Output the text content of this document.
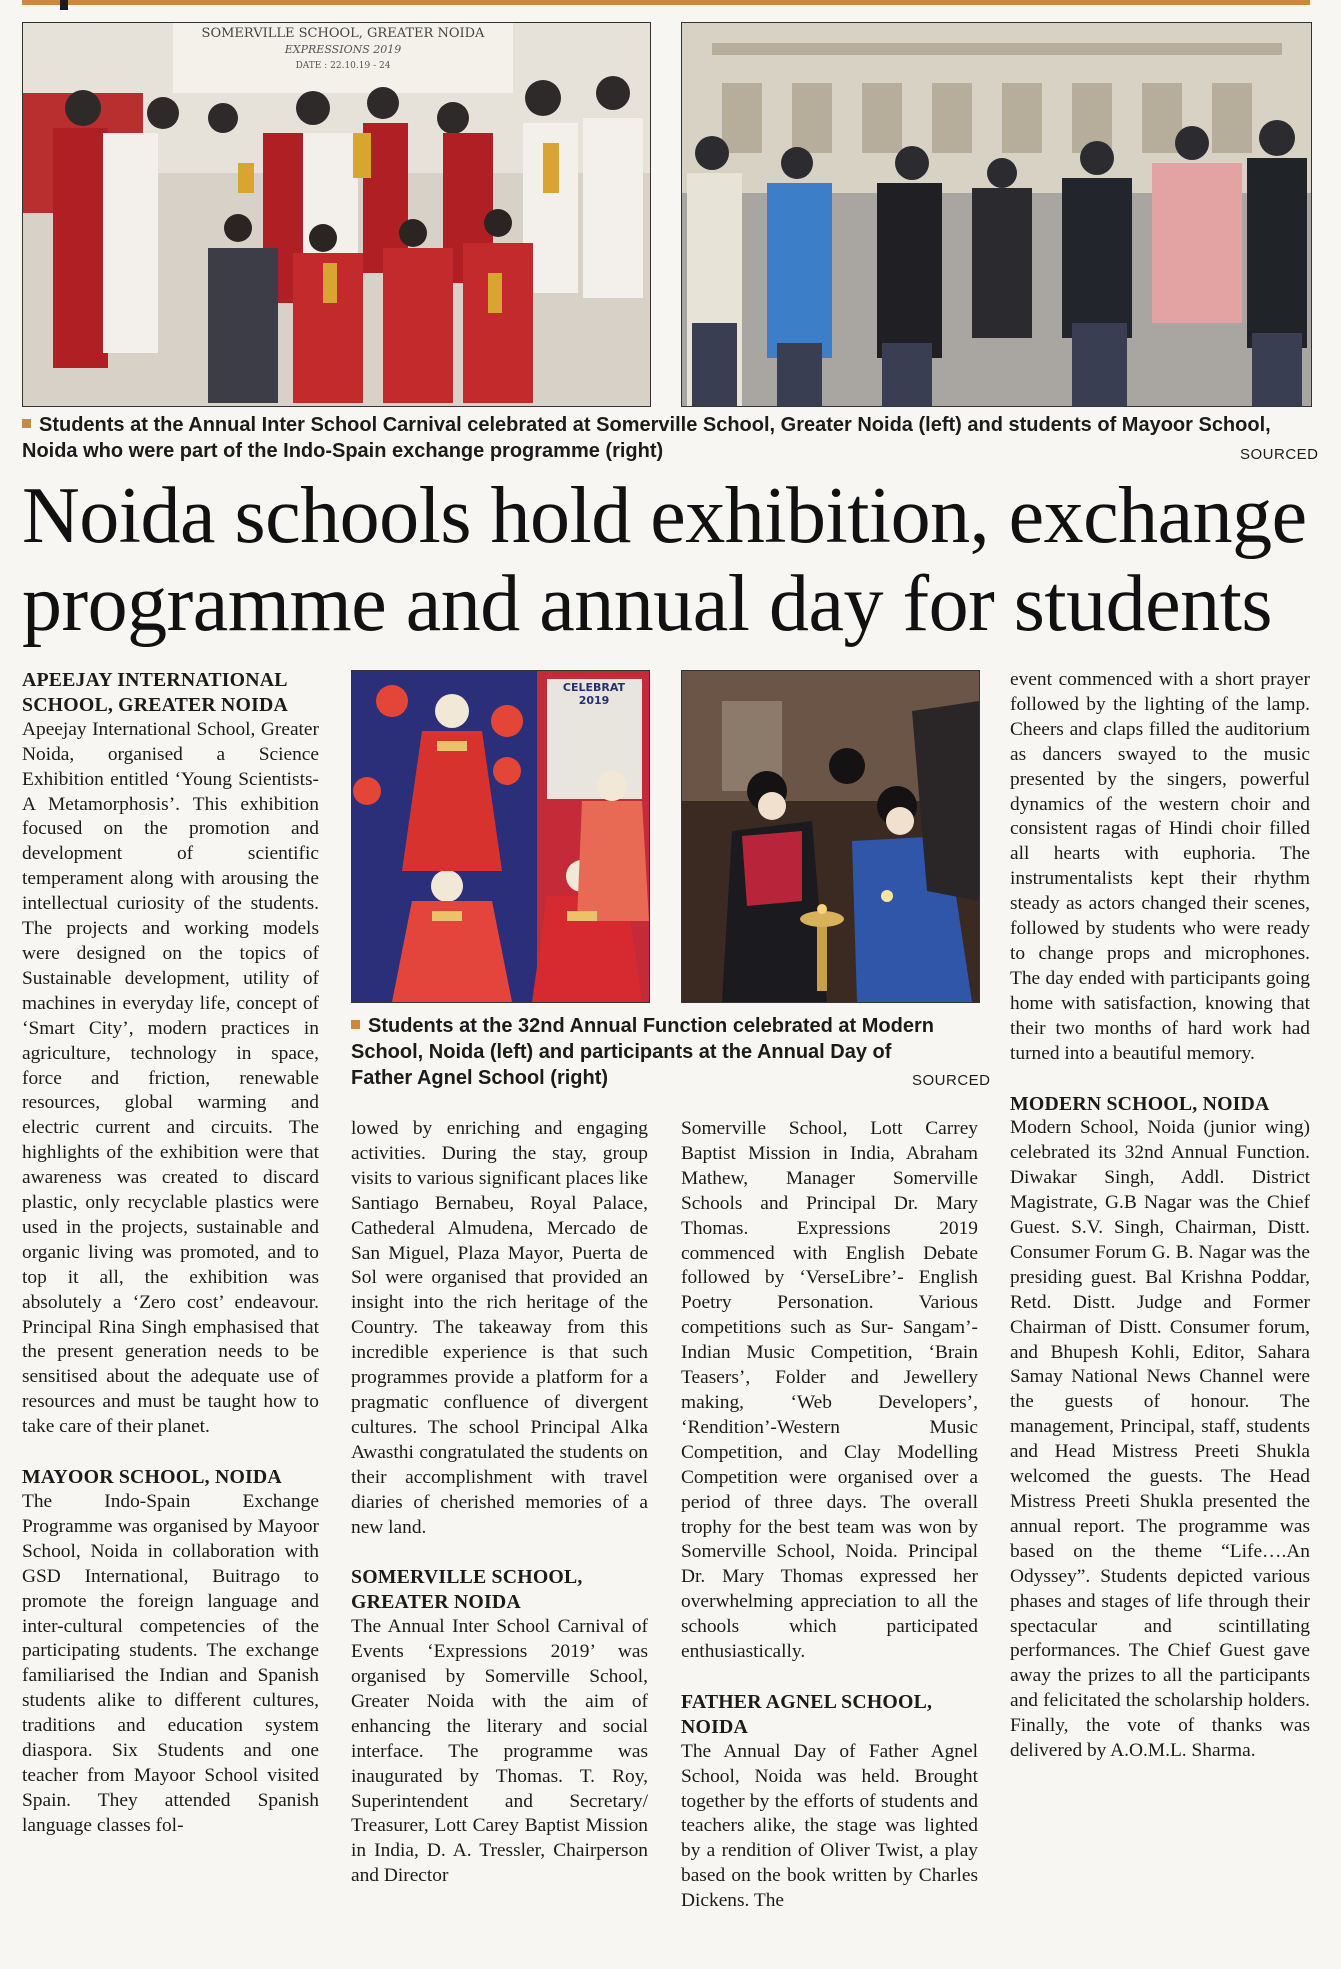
SOMERVILLE SCHOOL, GREATER NOIDA
EXPRESSIONS 2019
DATE : 22.10.19 - 24
Students at the Annual Inter School Carnival celebrated at Somerville School, Greater Noida (left) and students of Mayoor School, Noida who were part of the Indo-Spain exchange programme (right)	SOURCED
Noida schools hold exhibition, exchange programme and annual day for students
CELEBRAT
2019
Students at the 32nd Annual Function celebrated at Modern School, Noida (left) and participants at the Annual Day of Father Agnel School (right)	SOURCED
APEEJAY INTERNATIONAL SCHOOL, GREATER NOIDA

Apeejay International School, Greater Noida, organised a Science Exhibition entitled ‘Young Scientists- A Metamorphosis’. This exhibition focused on the promotion and development of scientific temperament along with arousing the intellectual curiosity of the students. The projects and working models were designed on the topics of Sustainable development, utility of machines in everyday life, concept of ‘Smart City’, modern practices in agriculture, technology in space, force and friction, renewable resources, global warming and electric current and circuits. The highlights of the exhibition were that awareness was created to discard plastic, only recyclable plastics were used in the projects, sustainable and organic living was promoted, and to top it all, the exhibition was absolutely a ‘Zero cost’ endeavour. Principal Rina Singh emphasised that the present generation needs to be sensitised about the adequate use of resources and must be taught how to take care of their planet.

MAYOOR SCHOOL, NOIDA

The Indo-Spain Exchange Programme was organised by Mayoor School, Noida in collaboration with GSD International, Buitrago to promote the foreign language and inter-cultural competencies of the participating students. The exchange familiarised the Indian and Spanish students alike to different cultures, traditions and education system diaspora. Six Students and one teacher from Mayoor School visited Spain. They attended Spanish language classes fol-

lowed by enriching and engaging activities. During the stay, group visits to various significant places like Santiago Bernabeu, Royal Palace, Cathederal Almudena, Mercado de San Miguel, Plaza Mayor, Puerta de Sol were organised that provided an insight into the rich heritage of the Country. The takeaway from this incredible experience is that such programmes provide a platform for a pragmatic confluence of divergent cultures. The school Principal Alka Awasthi congratulated the students on their accomplishment with travel diaries of cherished memories of a new land.

SOMERVILLE SCHOOL, GREATER NOIDA

The Annual Inter School Carnival of Events ‘Expressions 2019’ was organised by Somerville School, Greater Noida with the aim of enhancing the literary and social interface. The programme was inaugurated by Thomas. T. Roy, Superintendent and Secretary/ Treasurer, Lott Carey Baptist Mission in India, D. A. Tressler, Chairperson and Director

Somerville School, Lott Carrey Baptist Mission in India, Abraham Mathew, Manager Somerville Schools and Principal Dr. Mary Thomas. Expressions 2019 commenced with English Debate followed by ‘VerseLibre’- English Poetry Personation. Various competitions such as Sur- Sangam’- Indian Music Competition, ‘Brain Teasers’, Folder and Jewellery making, ‘Web Developers’, ‘Rendition’-Western Music Competition, and Clay Modelling Competition were organised over a period of three days. The overall trophy for the best team was won by Somerville School, Noida. Principal Dr. Mary Thomas expressed her overwhelming appreciation to all the schools which participated enthusiastically.

FATHER AGNEL SCHOOL, NOIDA

The Annual Day of Father Agnel School, Noida was held. Brought together by the efforts of students and teachers alike, the stage was lighted by a rendition of Oliver Twist, a play based on the book written by Charles Dickens. The

event commenced with a short prayer followed by the lighting of the lamp. Cheers and claps filled the auditorium as dancers swayed to the music presented by the singers, powerful dynamics of the western choir and consistent ragas of Hindi choir filled all hearts with euphoria. The instrumentalists kept their rhythm steady as actors changed their scenes, followed by students who were ready to change props and microphones. The day ended with participants going home with satisfaction, knowing that their two months of hard work had turned into a beautiful memory.

MODERN SCHOOL, NOIDA

Modern School, Noida (junior wing) celebrated its 32nd Annual Function. Diwakar Singh, Addl. District Magistrate, G.B Nagar was the Chief Guest. S.V. Singh, Chairman, Distt. Consumer Forum G. B. Nagar was the presiding guest. Bal Krishna Poddar, Retd. Distt. Judge and Former Chairman of Distt. Consumer forum, and Bhupesh Kohli, Editor, Sahara Samay National News Channel were the guests of honour. The management, Principal, staff, students and Head Mistress Preeti Shukla welcomed the guests. The Head Mistress Preeti Shukla presented the annual report. The programme was based on the theme “Life….An Odyssey”. Students depicted various phases and stages of life through their spectacular and scintillating performances. The Chief Guest gave away the prizes to all the participants and felicitated the scholarship holders. Finally, the vote of thanks was delivered by A.O.M.L. Sharma.
